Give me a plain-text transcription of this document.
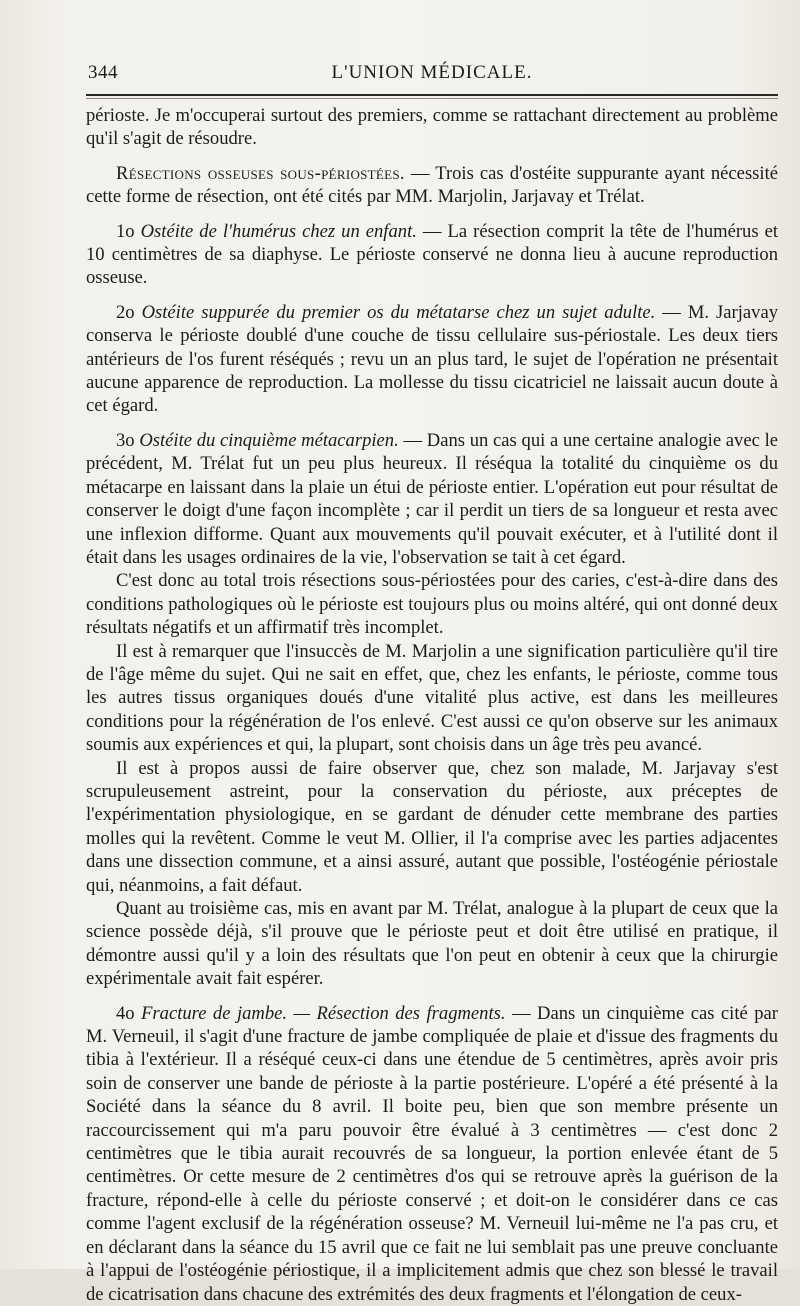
344	L'UNION MÉDICALE.

périoste. Je m'occuperai surtout des premiers, comme se rattachant directement au problème qu'il s'agit de résoudre.

Résections osseuses sous-périostées. — Trois cas d'ostéite suppurante ayant nécessité cette forme de résection, ont été cités par MM. Marjolin, Jarjavay et Trélat.

1o Ostéite de l'humérus chez un enfant. — La résection comprit la tête de l'humérus et 10 centimètres de sa diaphyse. Le périoste conservé ne donna lieu à aucune reproduction osseuse.

2o Ostéite suppurée du premier os du métatarse chez un sujet adulte. — M. Jarjavay conserva le périoste doublé d'une couche de tissu cellulaire sus-périostale. Les deux tiers antérieurs de l'os furent réséqués ; revu un an plus tard, le sujet de l'opération ne présentait aucune apparence de reproduction. La mollesse du tissu cicatriciel ne laissait aucun doute à cet égard.

3o Ostéite du cinquième métacarpien. — Dans un cas qui a une certaine analogie avec le précédent, M. Trélat fut un peu plus heureux. Il réséqua la totalité du cinquième os du métacarpe en laissant dans la plaie un étui de périoste entier. L'opération eut pour résultat de conserver le doigt d'une façon incomplète ; car il perdit un tiers de sa longueur et resta avec une inflexion difforme. Quant aux mouvements qu'il pouvait exécuter, et à l'utilité dont il était dans les usages ordinaires de la vie, l'observation se tait à cet égard.

C'est donc au total trois résections sous-périostées pour des caries, c'est-à-dire dans des conditions pathologiques où le périoste est toujours plus ou moins altéré, qui ont donné deux résultats négatifs et un affirmatif très incomplet.

Il est à remarquer que l'insuccès de M. Marjolin a une signification particulière qu'il tire de l'âge même du sujet. Qui ne sait en effet, que, chez les enfants, le périoste, comme tous les autres tissus organiques doués d'une vitalité plus active, est dans les meilleures conditions pour la régénération de l'os enlevé. C'est aussi ce qu'on observe sur les animaux soumis aux expériences et qui, la plupart, sont choisis dans un âge très peu avancé.

Il est à propos aussi de faire observer que, chez son malade, M. Jarjavay s'est scrupuleusement astreint, pour la conservation du périoste, aux préceptes de l'expérimentation physiologique, en se gardant de dénuder cette membrane des parties molles qui la revêtent. Comme le veut M. Ollier, il l'a comprise avec les parties adjacentes dans une dissection commune, et a ainsi assuré, autant que possible, l'ostéogénie périostale qui, néanmoins, a fait défaut.

Quant au troisième cas, mis en avant par M. Trélat, analogue à la plupart de ceux que la science possède déjà, s'il prouve que le périoste peut et doit être utilisé en pratique, il démontre aussi qu'il y a loin des résultats que l'on peut en obtenir à ceux que la chirurgie expérimentale avait fait espérer.

4o Fracture de jambe. — Résection des fragments. — Dans un cinquième cas cité par M. Verneuil, il s'agit d'une fracture de jambe compliquée de plaie et d'issue des fragments du tibia à l'extérieur. Il a réséqué ceux-ci dans une étendue de 5 centimètres, après avoir pris soin de conserver une bande de périoste à la partie postérieure. L'opéré a été présenté à la Société dans la séance du 8 avril. Il boite peu, bien que son membre présente un raccourcissement qui m'a paru pouvoir être évalué à 3 centimètres — c'est donc 2 centimètres que le tibia aurait recouvrés de sa longueur, la portion enlevée étant de 5 centimètres. Or cette mesure de 2 centimètres d'os qui se retrouve après la guérison de la fracture, répond-elle à celle du périoste conservé ; et doit-on le considérer dans ce cas comme l'agent exclusif de la régénération osseuse? M. Verneuil lui-même ne l'a pas cru, et en déclarant dans la séance du 15 avril que ce fait ne lui semblait pas une preuve concluante à l'appui de l'ostéogénie périostique, il a implicitement admis que chez son blessé le travail de cicatrisation dans chacune des extrémités des deux fragments et l'élongation de ceux-
